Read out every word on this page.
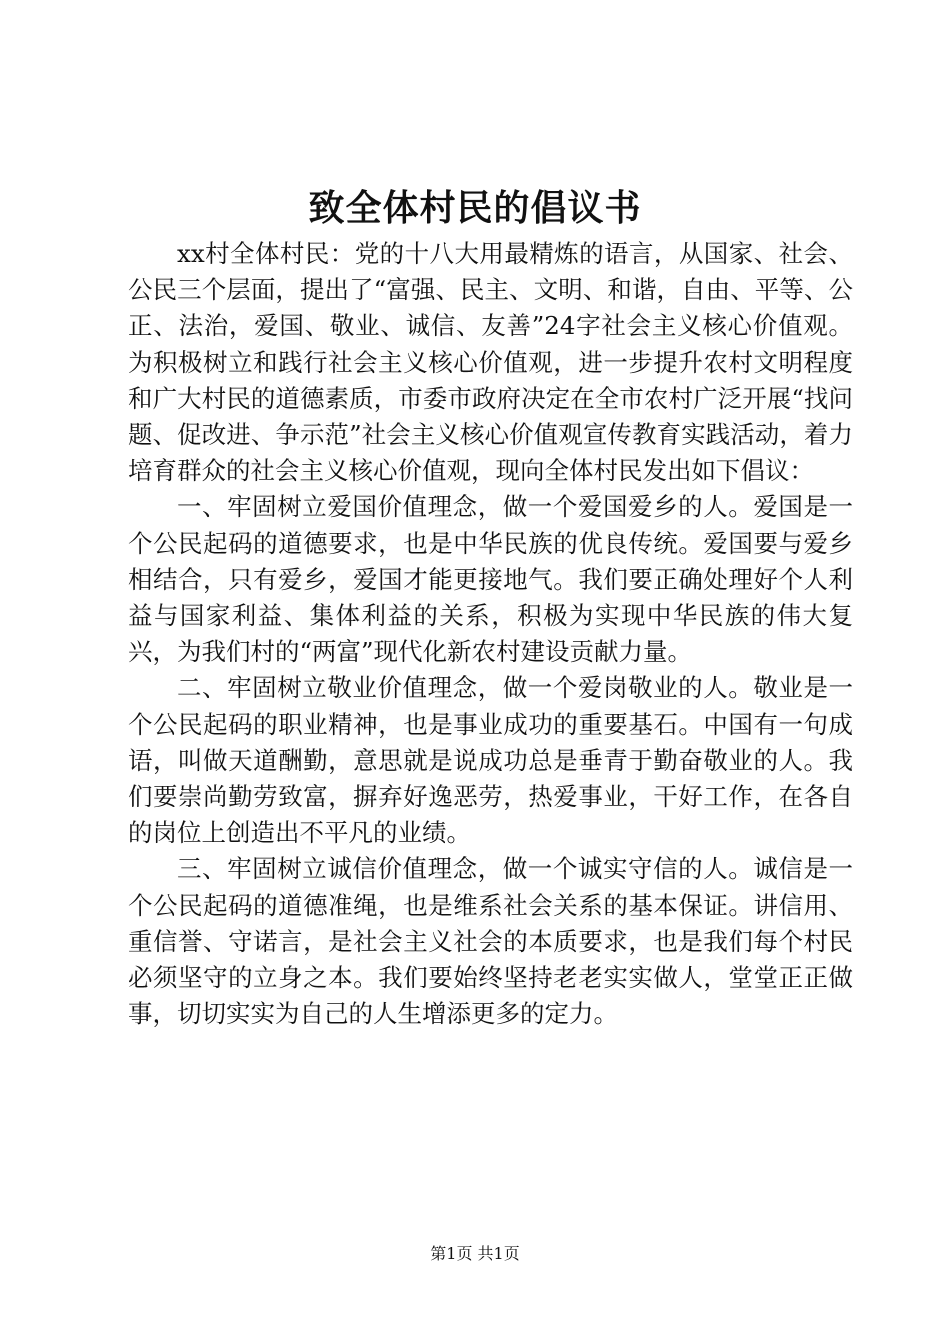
致全体村民的倡议书

xx村全体村民：党的十八大用最精炼的语言，从国家、社会、公民三个层面，提出了“富强、民主、文明、和谐，自由、平等、公正、法治，爱国、敬业、诚信、友善”24字社会主义核心价值观。为积极树立和践行社会主义核心价值观，进一步提升农村文明程度和广大村民的道德素质，市委市政府决定在全市农村广泛开展“找问题、促改进、争示范”社会主义核心价值观宣传教育实践活动，着力培育群众的社会主义核心价值观，现向全体村民发出如下倡议：

一、牢固树立爱国价值理念，做一个爱国爱乡的人。爱国是一个公民起码的道德要求，也是中华民族的优良传统。爱国要与爱乡相结合，只有爱乡，爱国才能更接地气。我们要正确处理好个人利益与国家利益、集体利益的关系，积极为实现中华民族的伟大复兴，为我们村的“两富”现代化新农村建设贡献力量。

二、牢固树立敬业价值理念，做一个爱岗敬业的人。敬业是一个公民起码的职业精神，也是事业成功的重要基石。中国有一句成语，叫做天道酬勤，意思就是说成功总是垂青于勤奋敬业的人。我们要崇尚勤劳致富，摒弃好逸恶劳，热爱事业，干好工作，在各自的岗位上创造出不平凡的业绩。

三、牢固树立诚信价值理念，做一个诚实守信的人。诚信是一个公民起码的道德准绳，也是维系社会关系的基本保证。讲信用、重信誉、守诺言，是社会主义社会的本质要求，也是我们每个村民必须坚守的立身之本。我们要始终坚持老老实实做人，堂堂正正做事，切切实实为自己的人生增添更多的定力。

第1页 共1页
